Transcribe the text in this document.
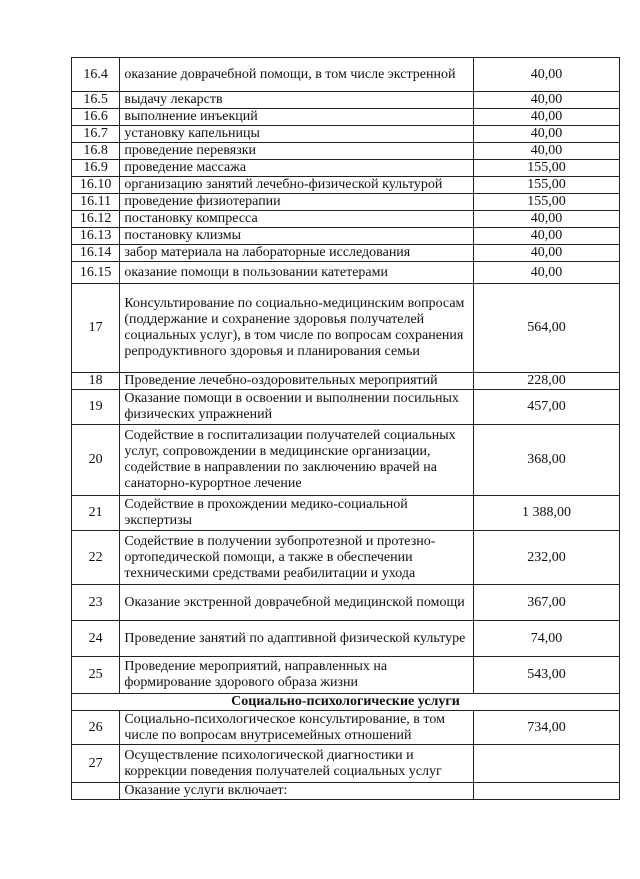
16.4	оказание доврачебной помощи, в том числе экстренной	40,00
16.5	выдачу лекарств	40,00
16.6	выполнение инъекций	40,00
16.7	установку капельницы	40,00
16.8	проведение перевязки	40,00
16.9	проведение массажа	155,00
16.10	организацию занятий лечебно-физической культурой	155,00
16.11	проведение физиотерапии	155,00
16.12	постановку компресса	40,00
16.13	постановку клизмы	40,00
16.14	забор материала на лабораторные исследования	40,00
16.15	оказание помощи в пользовании катетерами	40,00
17	Консультирование по социально-медицинским вопросам (поддержание и сохранение здоровья получателей социальных услуг), в том числе по вопросам сохранения репродуктивного здоровья и планирования семьи	564,00
18	Проведение лечебно-оздоровительных мероприятий	228,00
19	Оказание помощи в освоении и выполнении посильных физических упражнений	457,00
20	Содействие в госпитализации получателей социальных услуг, сопровождении в медицинские организации, содействие в направлении по заключению врачей на санаторно-курортное лечение	368,00
21	Содействие в прохождении медико-социальной экспертизы	1 388,00
22	Содействие в получении зубопротезной и протезно-ортопедической помощи, а также в обеспечении техническими средствами реабилитации и ухода	232,00
23	Оказание экстренной доврачебной медицинской помощи	367,00
24	Проведение занятий по адаптивной физической культуре	74,00
25	Проведение мероприятий, направленных на формирование здорового образа жизни	543,00
Социально-психологические услуги		
26	Социально-психологическое консультирование, в том числе по вопросам внутрисемейных отношений	734,00
27	Осуществление психологической диагностики и коррекции поведения получателей социальных услуг	
	Оказание услуги включает:	
